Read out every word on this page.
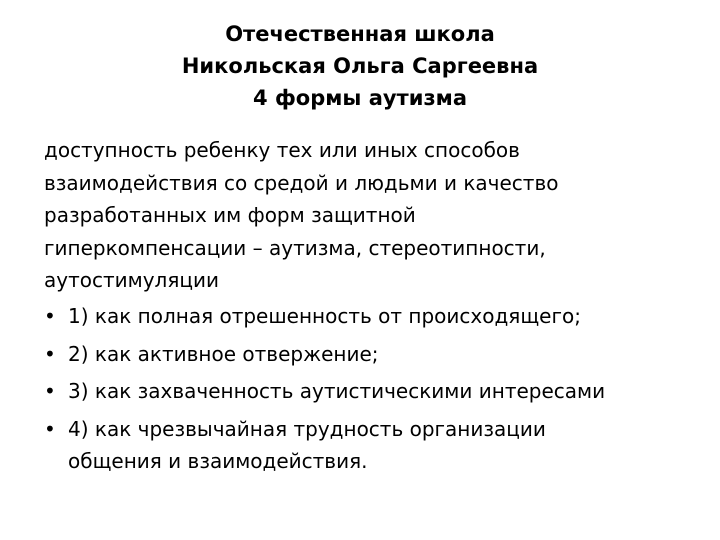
Отечественная школа
Никольская Ольга Саргеевна
4 формы аутизма
доступность ребенку тех или иных способов
взаимодействия со средой и людьми и качество
разработанных им форм защитной
гиперкомпенсации – аутизма, стереотипности,
аутостимуляции
• 1) как полная отрешенность от происходящего;
• 2) как активное отвержение;
• 3) как захваченность аутистическими интересами
• 4) как чрезвычайная трудность организации
общения и взаимодействия.
